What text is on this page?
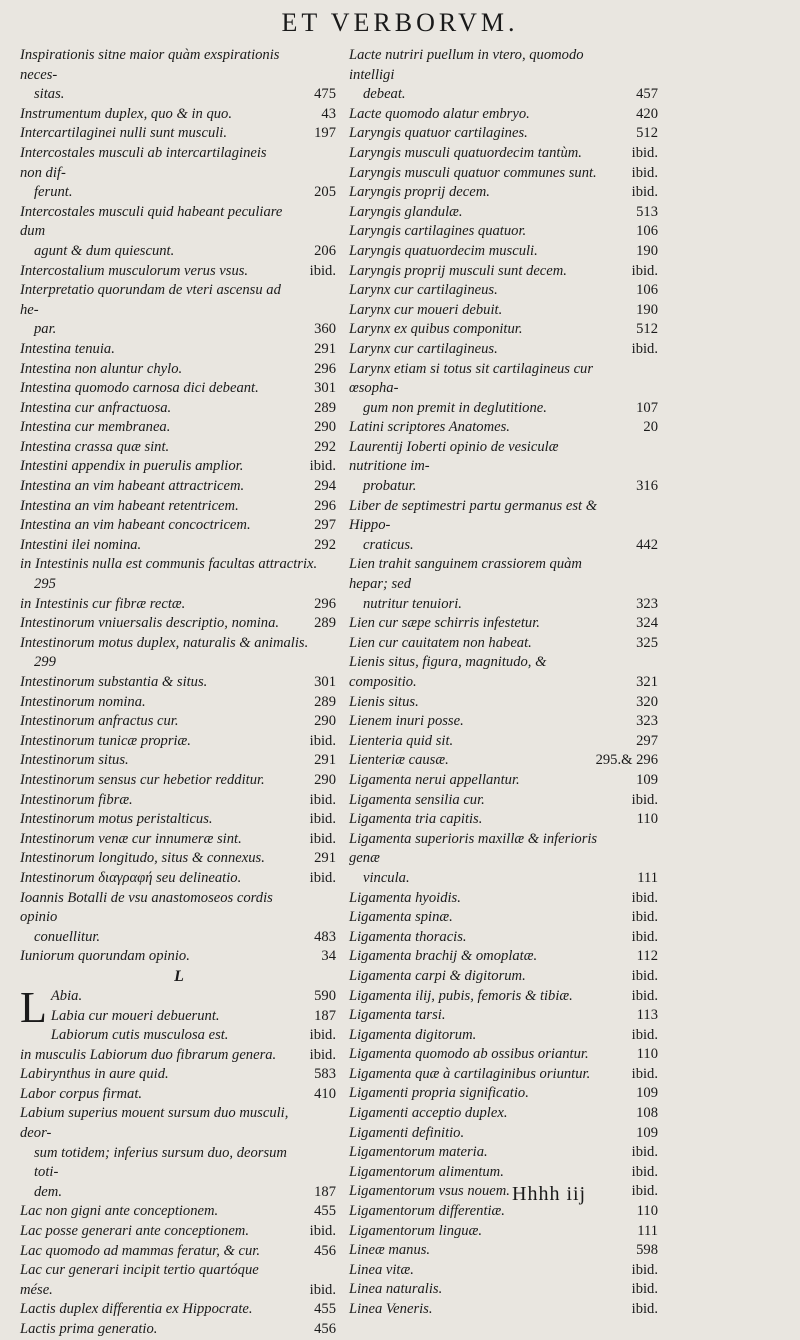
ET VERBORVM.
Inspirationis sitne maior quàm exspirationis neces-
sitas.	475
Instrumentum duplex, quo & in quo.	43
Intercartilaginei nulli sunt musculi.	197
Intercostales musculi ab intercartilagineis non dif-
ferunt.	205
Intercostales musculi quid habeant peculiare dum
agunt & dum quiescunt.	206
Intercostalium musculorum verus vsus.	ibid.
Interpretatio quorundam de vteri ascensu ad he-
par.	360
Intestina tenuia.	291
Intestina non aluntur chylo.	296
Intestina quomodo carnosa dici debeant.	301
Intestina cur anfractuosa.	289
Intestina cur membranea.	290
Intestina crassa quæ sint.	292
Intestini appendix in puerulis amplior.	ibid.
Intestina an vim habeant attractricem.	294
Intestina an vim habeant retentricem.	296
Intestina an vim habeant concoctricem.	297
Intestini ilei nomina.	292
in Intestinis nulla est communis facultas attractrix.
295
in Intestinis cur fibræ rectæ.	296
Intestinorum vniuersalis descriptio, nomina. 289
Intestinorum motus duplex, naturalis & animalis.
299
Intestinorum substantia & situs.	301
Intestinorum nomina.	289
Intestinorum anfractus cur.	290
Intestinorum tunicæ propriæ.	ibid.
Intestinorum situs.	291
Intestinorum sensus cur hebetior redditur.	290
Intestinorum fibræ.	ibid.
Intestinorum motus peristalticus.	ibid.
Intestinorum venæ cur innumeræ sint.	ibid.
Intestinorum longitudo, situs & connexus.	291
Intestinorum διαγραφή seu delineatio.	ibid.
Ioannis Botalli de vsu anastomoseos cordis opinio
conuellitur.	483
Iuniorum quorundam opinio.	34
L
L Abia.	590
Labia cur moueri debuerunt.	187
Labiorum cutis musculosa est.	ibid.
in musculis Labiorum duo fibrarum genera. ibid.
Labirynthus in aure quid.	583
Labor corpus firmat.	410
Labium superius mouent sursum duo musculi, deor-
sum totidem; inferius sursum duo, deorsum toti-
dem.	187
Lac non gigni ante conceptionem.	455
Lac posse generari ante conceptionem.	ibid.
Lac quomodo ad mammas feratur, & cur.	456
Lac cur generari incipit tertio quartóque mése.	ibid.
Lactis duplex differentia ex Hippocrate.	455
Lactis prima generatio.	456
Lacte nutriri puellum in vtero, quomodo intelligi
debeat.	457
Lacte quomodo alatur embryo.	420
Laryngis quatuor cartilagines.	512
Laryngis musculi quatuordecim tantùm.	ibid.
Laryngis musculi quatuor communes sunt. ibid.
Laryngis proprij decem.	ibid.
Laryngis glandulæ.	513
Laryngis cartilagines quatuor.	106
Laryngis quatuordecim musculi.	190
Laryngis proprij musculi sunt decem.	ibid.
Larynx cur cartilagineus.	106
Larynx cur moueri debuit.	190
Larynx ex quibus componitur.	512
Larynx cur cartilagineus.	ibid.
Larynx etiam si totus sit cartilagineus cur œsopha-
gum non premit in deglutitione.	107
Latini scriptores Anatomes.	20
Laurentij Ioberti opinio de vesiculæ nutritione im-
probatur.	316
Liber de septimestri partu germanus est & Hippo-
craticus.	442
Lien trahit sanguinem crassiorem quàm hepar; sed
nutritur tenuiori.	323
Lien cur sæpe schirris infestetur.	324
Lien cur cauitatem non habeat.	325
Lienis situs, figura, magnitudo, & compositio.	321
Lienis situs.	320
Lienem inuri posse.	323
Lienteria quid sit.	297
Lienteriæ causæ.	295.& 296
Ligamenta nerui appellantur.	109
Ligamenta sensilia cur.	ibid.
Ligamenta tria capitis.	110
Ligamenta superioris maxillæ & inferioris genæ
vincula.	111
Ligamenta hyoidis.	ibid.
Ligamenta spinæ.	ibid.
Ligamenta thoracis.	ibid.
Ligamenta brachij & omoplatæ.	112
Ligamenta carpi & digitorum.	ibid.
Ligamenta ilij, pubis, femoris & tibiæ.	ibid.
Ligamenta tarsi.	113
Ligamenta digitorum.	ibid.
Ligamenta quomodo ab ossibus oriantur.	110
Ligamenta quæ à cartilaginibus oriuntur.	ibid.
Ligamenti propria significatio.	109
Ligamenti acceptio duplex.	108
Ligamenti definitio.	109
Ligamentorum materia.	ibid.
Ligamentorum alimentum.	ibid.
Ligamentorum vsus nouem.	ibid.
Ligamentorum differentiæ.	110
Ligamentorum linguæ.	111
Lineæ manus.	598
Linea vitæ.	ibid.
Linea naturalis.	ibid.
Linea Veneris.	ibid.
Hhhh iij
